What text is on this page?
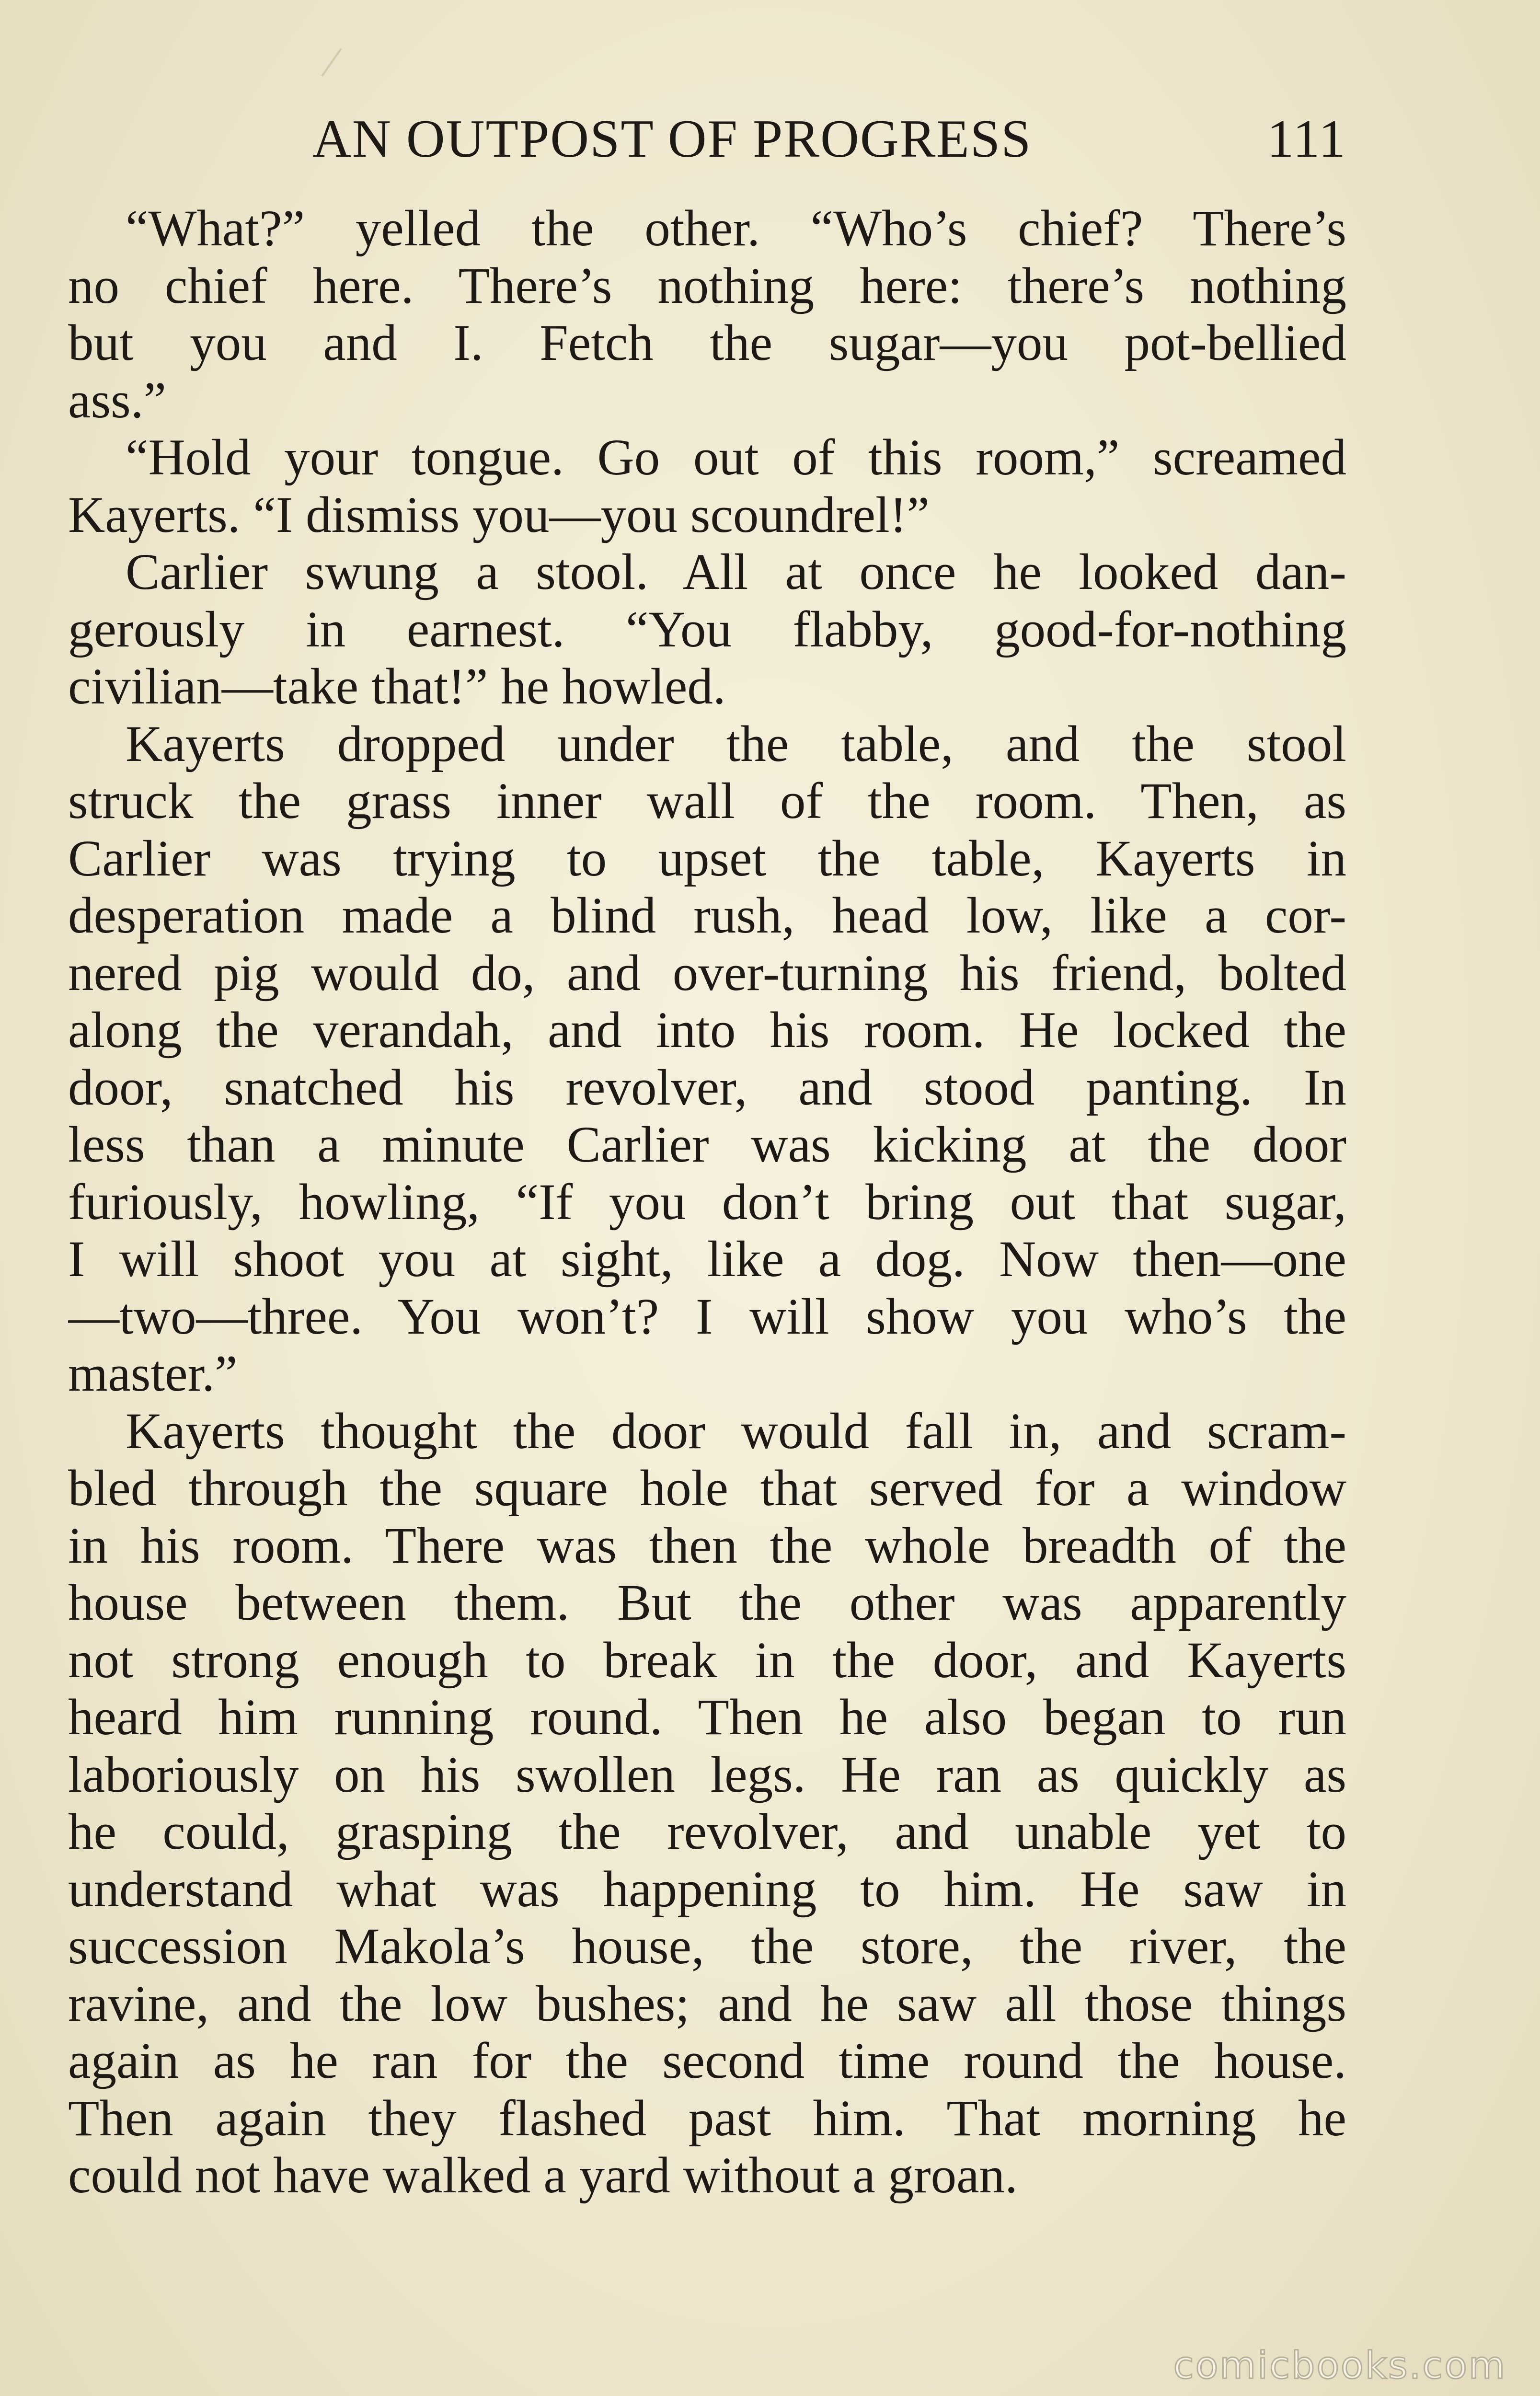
AN OUTPOST OF PROGRESS	111
“What?” yelled the other. “Who’s chief? There’s
no chief here. There’s nothing here: there’s nothing
but you and I. Fetch the sugar—you pot-bellied
ass.”
“Hold your tongue. Go out of this room,” screamed
Kayerts. “I dismiss you—you scoundrel!”
Carlier swung a stool. All at once he looked dan-
gerously in earnest. “You flabby, good-for-nothing
civilian—take that!” he howled.
Kayerts dropped under the table, and the stool
struck the grass inner wall of the room. Then, as
Carlier was trying to upset the table, Kayerts in
desperation made a blind rush, head low, like a cor-
nered pig would do, and over-turning his friend, bolted
along the verandah, and into his room. He locked the
door, snatched his revolver, and stood panting. In
less than a minute Carlier was kicking at the door
furiously, howling, “If you don’t bring out that sugar,
I will shoot you at sight, like a dog. Now then—one
—two—three. You won’t? I will show you who’s the
master.”
Kayerts thought the door would fall in, and scram-
bled through the square hole that served for a window
in his room. There was then the whole breadth of the
house between them. But the other was apparently
not strong enough to break in the door, and Kayerts
heard him running round. Then he also began to run
laboriously on his swollen legs. He ran as quickly as
he could, grasping the revolver, and unable yet to
understand what was happening to him. He saw in
succession Makola’s house, the store, the river, the
ravine, and the low bushes; and he saw all those things
again as he ran for the second time round the house.
Then again they flashed past him. That morning he
could not have walked a yard without a groan.
comicbooks.com
